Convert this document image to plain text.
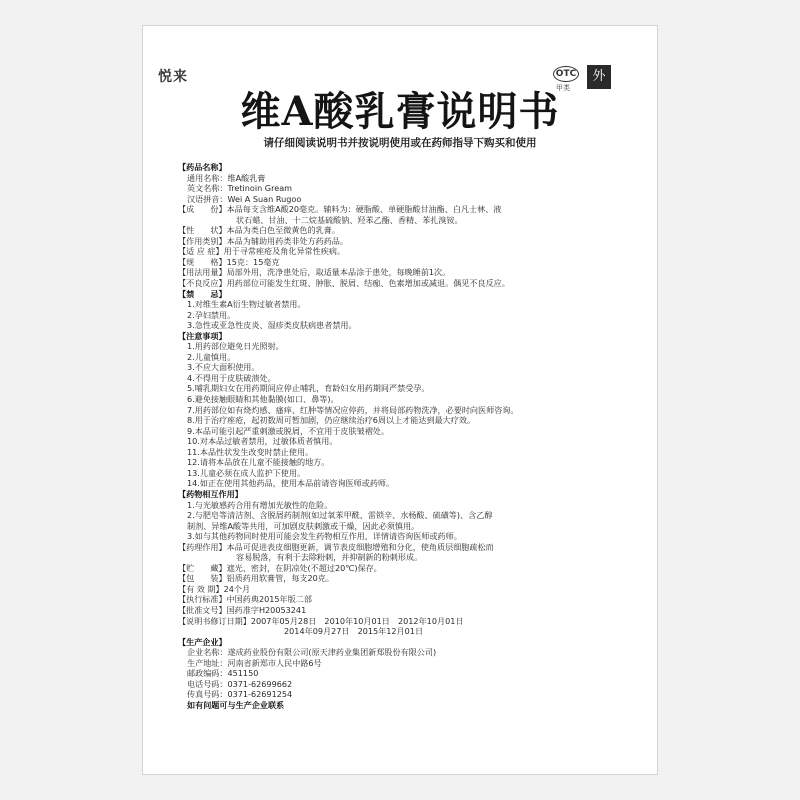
悦来	OTC
甲类
外
维A酸乳膏说明书
请仔细阅读说明书并按说明使用或在药师指导下购买和使用
【药品名称】
通用名称：维A酸乳膏
英文名称：Tretinoin Gream
汉语拼音：Wei A Suan Rugoo
【成　　份】本品每支含维A酸20毫克。辅料为：硬脂酸、单硬脂酸甘油酯、白凡士林、液
状石蜡、甘油、十二烷基硫酸钠、羟苯乙酯、香精、苯扎溴铵。
【性　　状】本品为类白色至微黄色的乳膏。
【作用类别】本品为辅助用药类非处方药药品。
【适 应 症】用于寻常痤疮及角化异常性疾病。
【规　　格】15克：15毫克
【用法用量】局部外用，洗净患处后，取适量本品涂于患处，每晚睡前1次。
【不良反应】用药部位可能发生红斑、肿胀、脱屑、结痂、色素增加或减退。偶见不良反应。
【禁　　忌】
1.对维生素A衍生物过敏者禁用。
2.孕妇禁用。
3.急性或亚急性皮炎、湿疹类皮肤病患者禁用。
【注意事项】
1.用药部位避免日光照射。
2.儿童慎用。
3.不应大面积使用。
4.不得用于皮肤破溃处。
5.哺乳期妇女在用药期间应停止哺乳，育龄妇女用药期间严禁受孕。
6.避免接触眼睛和其他黏膜(如口、鼻等)。
7.用药部位如有烧灼感、瘙痒、红肿等情况应停药，并将局部药物洗净，必要时向医师咨询。
8.用于治疗痤疮，起初数周可暂加剧，仍应继续治疗6周以上才能达到最大疗效。
9.本品可能引起严重刺激或脱屑，不宜用于皮肤皱褶处。
10.对本品过敏者禁用，过敏体质者慎用。
11.本品性状发生改变时禁止使用。
12.请将本品放在儿童不能接触的地方。
13.儿童必须在成人监护下使用。
14.如正在使用其他药品，使用本品前请咨询医师或药师。
【药物相互作用】
1.与光敏感药合用有增加光敏性的危险。
2.与肥皂等清洁剂、含脱屑药制剂(如过氧苯甲酰、雷锁辛、水杨酸、硫磺等)、含乙醇
制剂、异维A酸等共用，可加剧皮肤刺激或干燥，因此必须慎用。
3.如与其他药物同时使用可能会发生药物相互作用，详情请咨询医师或药师。
【药理作用】本品可促进表皮细胞更新，调节表皮细胞增殖和分化，使角质层细胞疏松而
容易脱落，有利于去除粉刺，并抑制新的粉刺形成。
【贮　　藏】遮光、密封，在阴凉处(不超过20℃)保存。
【包　　装】铝质药用软膏管，每支20克。
【有 效 期】24个月
【执行标准】中国药典2015年版二部
【批准文号】国药准字H20053241
【说明书修订日期】2007年05月28日　2010年10月01日　2012年10月01日
2014年09月27日　2015年12月01日
【生产企业】
企业名称：遂成药业股份有限公司(原天津药业集团新郑股份有限公司)
生产地址：河南省新郑市人民中路6号
邮政编码：451150
电话号码：0371-62699662
传真号码：0371-62691254
如有问题可与生产企业联系
